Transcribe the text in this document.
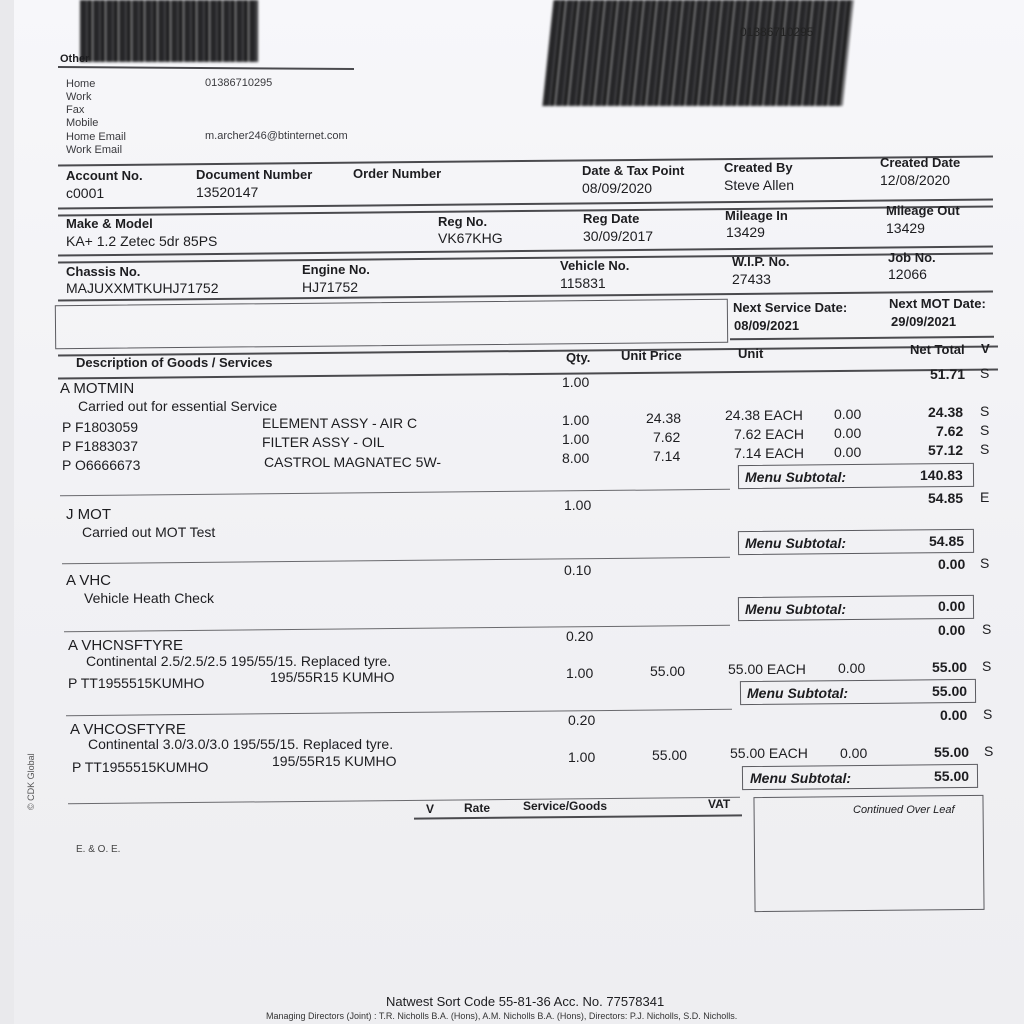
Other
Home	01386710295
Work
Fax
Mobile
Home Email	m.archer246@btinternet.com
Work Email
01386710295
Account No.
c0001
Document Number
13520147
Order Number	Date & Tax Point
08/09/2020
Created By
Steve Allen
Created Date
12/08/2020
Make & Model
KA+ 1.2 Zetec 5dr 85PS
Reg No.
VK67KHG
Reg Date
30/09/2017
Mileage In
13429
Mileage Out
13429
Chassis No.
MAJUXXMTKUHJ71752
Engine No.
HJ71752
Vehicle No.
115831
W.I.P. No.
27433
Job No.
12066
Next Service Date:
08/09/2021
Next MOT Date:
29/09/2021
Description of Goods / Services	Qty. Unit Price	Unit	Net Total V
A MOTMIN	1.00	51.71 S
Carried out for essential Service
P F1803059	ELEMENT ASSY - AIR C	1.00	24.38	24.38 EACH 0.00	24.38 S
P F1883037	FILTER ASSY - OIL	1.00	7.62	7.62 EACH 0.00	7.62 S
P O6666673	CASTROL MAGNATEC 5W-	8.00	7.14	7.14 EACH 0.00	57.12 S
Menu Subtotal:	140.83
J MOT
1.00	54.85 E
Carried out MOT Test
Menu Subtotal:	54.85
A VHC
0.10	0.00 S
Vehicle Heath Check
Menu Subtotal:	0.00
A VHCNSFTYRE
0.20	0.00 S
Continental 2.5/2.5/2.5 195/55/15. Replaced tyre.
P TT1955515KUMHO	195/55R15 KUMHO	1.00	55.00	55.00 EACH 0.00	55.00 S
Menu Subtotal:	55.00
A VHCOSFTYRE
0.20	0.00 S
Continental 3.0/3.0/3.0 195/55/15. Replaced tyre.
P TT1955515KUMHO	195/55R15 KUMHO	1.00	55.00	55.00 EACH 0.00	55.00 S
Menu Subtotal:	55.00
V Rate	Service/Goods	VAT	Continued Over Leaf
© CDK Global
E. & O. E.
Natwest Sort Code 55-81-36 Acc. No. 77578341
Managing Directors (Joint) : T.R. Nicholls B.A. (Hons), A.M. Nicholls B.A. (Hons), Directors: P.J. Nicholls, S.D. Nicholls.
